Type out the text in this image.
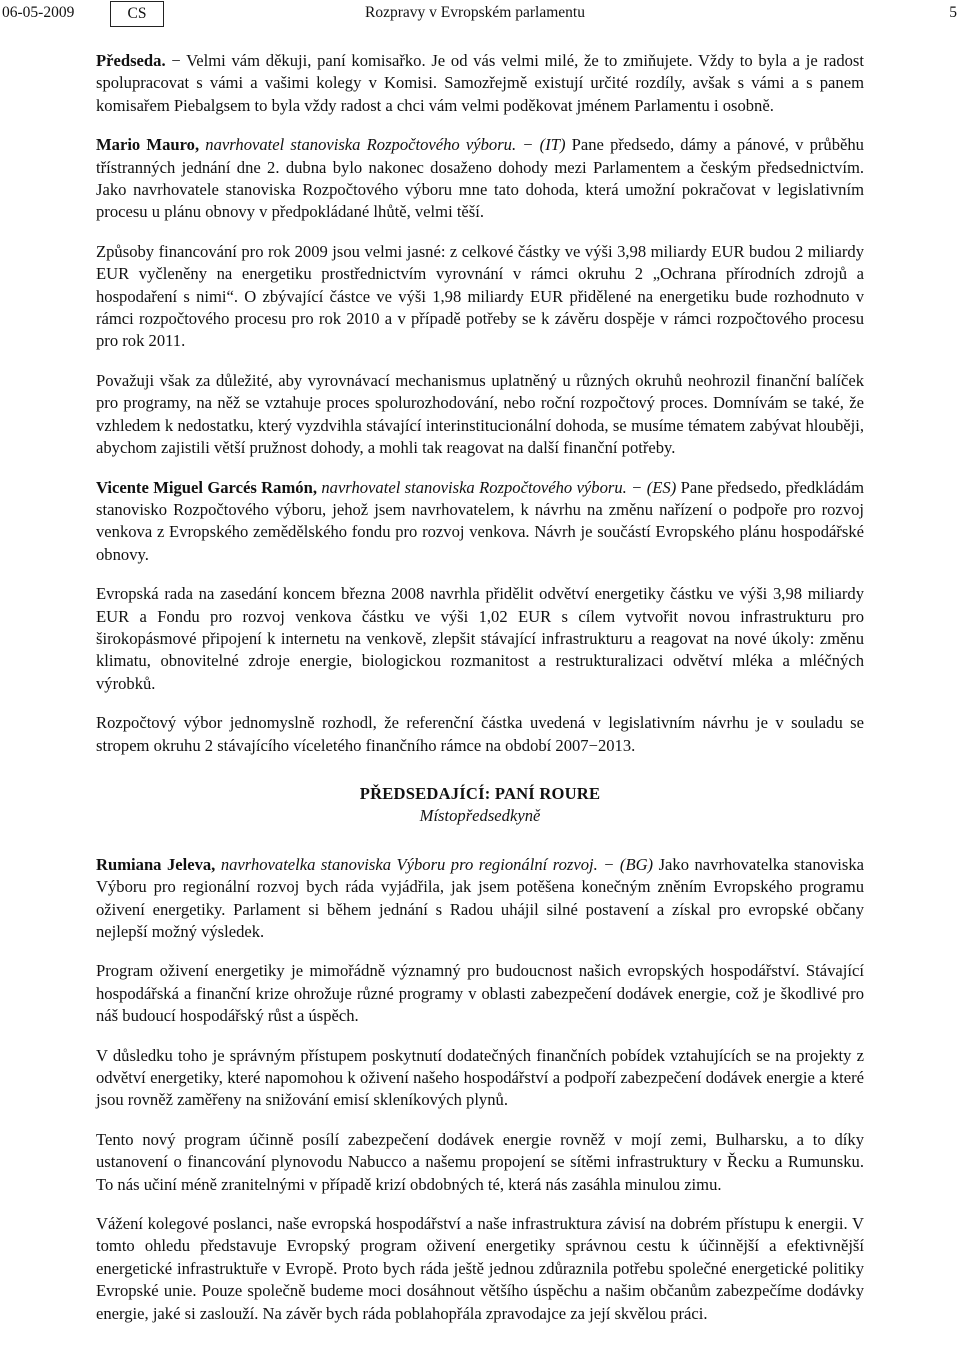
06-05-2009	CS	Rozpravy v Evropském parlamentu	5

Předseda. − Velmi vám děkuji, paní komisařko. Je od vás velmi milé, že to zmiňujete. Vždy to byla a je radost spolupracovat s vámi a vašimi kolegy v Komisi. Samozřejmě existují určité rozdíly, avšak s vámi a s panem komisařem Piebalgsem to byla vždy radost a chci vám velmi poděkovat jménem Parlamentu i osobně.

Mario Mauro, navrhovatel stanoviska Rozpočtového výboru. − (IT) Pane předsedo, dámy a pánové, v průběhu třístranných jednání dne 2. dubna bylo nakonec dosaženo dohody mezi Parlamentem a českým předsednictvím. Jako navrhovatele stanoviska Rozpočtového výboru mne tato dohoda, která umožní pokračovat v legislativním procesu u plánu obnovy v předpokládané lhůtě, velmi těší.

Způsoby financování pro rok 2009 jsou velmi jasné: z celkové částky ve výši 3,98 miliardy EUR budou 2 miliardy EUR vyčleněny na energetiku prostřednictvím vyrovnání v rámci okruhu 2 „Ochrana přírodních zdrojů a hospodaření s nimi“. O zbývající částce ve výši 1,98 miliardy EUR přidělené na energetiku bude rozhodnuto v rámci rozpočtového procesu pro rok 2010 a v případě potřeby se k závěru dospěje v rámci rozpočtového procesu pro rok 2011.

Považuji však za důležité, aby vyrovnávací mechanismus uplatněný u různých okruhů neohrozil finanční balíček pro programy, na něž se vztahuje proces spolurozhodování, nebo roční rozpočtový proces. Domnívám se také, že vzhledem k nedostatku, který vyzdvihla stávající interinstitucionální dohoda, se musíme tématem zabývat hlouběji, abychom zajistili větší pružnost dohody, a mohli tak reagovat na další finanční potřeby.

Vicente Miguel Garcés Ramón, navrhovatel stanoviska Rozpočtového výboru. − (ES) Pane předsedo, předkládám stanovisko Rozpočtového výboru, jehož jsem navrhovatelem, k návrhu na změnu nařízení o podpoře pro rozvoj venkova z Evropského zemědělského fondu pro rozvoj venkova. Návrh je součástí Evropského plánu hospodářské obnovy.

Evropská rada na zasedání koncem března 2008 navrhla přidělit odvětví energetiky částku ve výši 3,98 miliardy EUR a Fondu pro rozvoj venkova částku ve výši 1,02 EUR s cílem vytvořit novou infrastrukturu pro širokopásmové připojení k internetu na venkově, zlepšit stávající infrastrukturu a reagovat na nové úkoly: změnu klimatu, obnovitelné zdroje energie, biologickou rozmanitost a restrukturalizaci odvětví mléka a mléčných výrobků.

Rozpočtový výbor jednomyslně rozhodl, že referenční částka uvedená v legislativním návrhu je v souladu se stropem okruhu 2 stávajícího víceletého finančního rámce na období 2007−2013.

PŘEDSEDAJÍCÍ: PANÍ ROURE
Místopředsedkyně

Rumiana Jeleva, navrhovatelka stanoviska Výboru pro regionální rozvoj. − (BG) Jako navrhovatelka stanoviska Výboru pro regionální rozvoj bych ráda vyjádřila, jak jsem potěšena konečným zněním Evropského programu oživení energetiky. Parlament si během jednání s Radou uhájil silné postavení a získal pro evropské občany nejlepší možný výsledek.

Program oživení energetiky je mimořádně významný pro budoucnost našich evropských hospodářství. Stávající hospodářská a finanční krize ohrožuje různé programy v oblasti zabezpečení dodávek energie, což je škodlivé pro náš budoucí hospodářský růst a úspěch.

V důsledku toho je správným přístupem poskytnutí dodatečných finančních pobídek vztahujících se na projekty z odvětví energetiky, které napomohou k oživení našeho hospodářství a podpoří zabezpečení dodávek energie a které jsou rovněž zaměřeny na snižování emisí skleníkových plynů.

Tento nový program účinně posílí zabezpečení dodávek energie rovněž v mojí zemi, Bulharsku, a to díky ustanovení o financování plynovodu Nabucco a našemu propojení se sítěmi infrastruktury v Řecku a Rumunsku. To nás učiní méně zranitelnými v případě krizí obdobných té, která nás zasáhla minulou zimu.

Vážení kolegové poslanci, naše evropská hospodářství a naše infrastruktura závisí na dobrém přístupu k energii. V tomto ohledu představuje Evropský program oživení energetiky správnou cestu k účinnější a efektivnější energetické infrastruktuře v Evropě. Proto bych ráda ještě jednou zdůraznila potřebu společné energetické politiky Evropské unie. Pouze společně budeme moci dosáhnout většího úspěchu a našim občanům zabezpečíme dodávky energie, jaké si zaslouží. Na závěr bych ráda poblahopřála zpravodajce za její skvělou práci.
